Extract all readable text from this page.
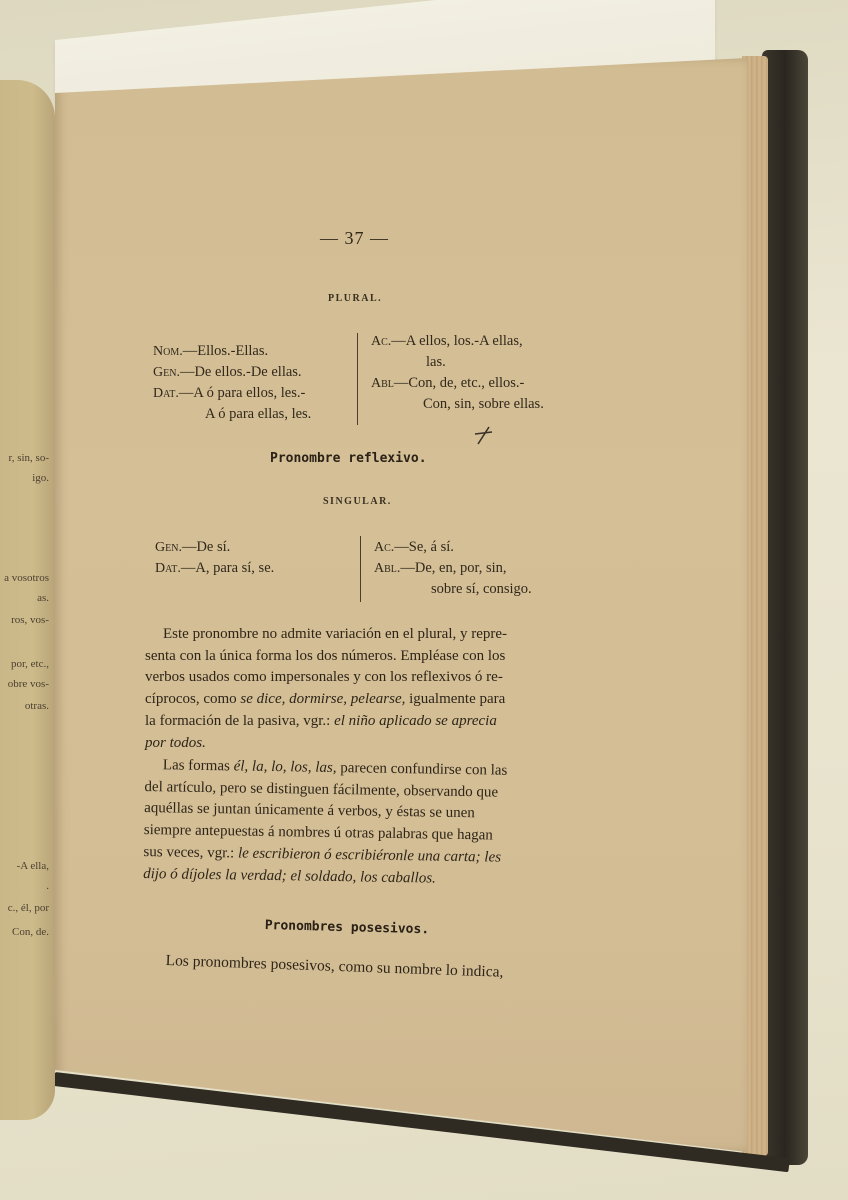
r, sin, so-
igo.
a vosotros
as.
ros, vos-
por, etc.,
obre vos-
otras.
-A ella,
.
c., él, por
Con, de.
— 37 —
PLURAL.
Nom.—Ellos.-Ellas.
Gen.—De ellos.-De ellas.
Dat.—A ó para ellos, les.-
A ó para ellas, les.
Ac.—A ellos, los.-A ellas,
las.
Abl—Con, de, etc., ellos.-
Con, sin, sobre ellas.
Pronombre reflexivo.
SINGULAR.
Gen.—De sí.
Dat.—A, para sí, se.
Ac.—Se, á sí.
Abl.—De, en, por, sin,
sobre sí, consigo.
Este pronombre no admite variación en el plural, y repre-
senta con la única forma los dos números. Empléase con los
verbos usados como impersonales y con los reflexivos ó re-
cíprocos, como se dice, dormirse, pelearse, igualmente para
la formación de la pasiva, vgr.: el niño aplicado se aprecia
por todos.
Las formas él, la, lo, los, las, parecen confundirse con las
del artículo, pero se distinguen fácilmente, observando que
aquéllas se juntan únicamente á verbos, y éstas se unen
siempre antepuestas á nombres ú otras palabras que hagan
sus veces, vgr.: le escribieron ó escribiéronle una carta; les
dijo ó díjoles la verdad; el soldado, los caballos.
Pronombres posesivos.
Los pronombres posesivos, como su nombre lo indica,
